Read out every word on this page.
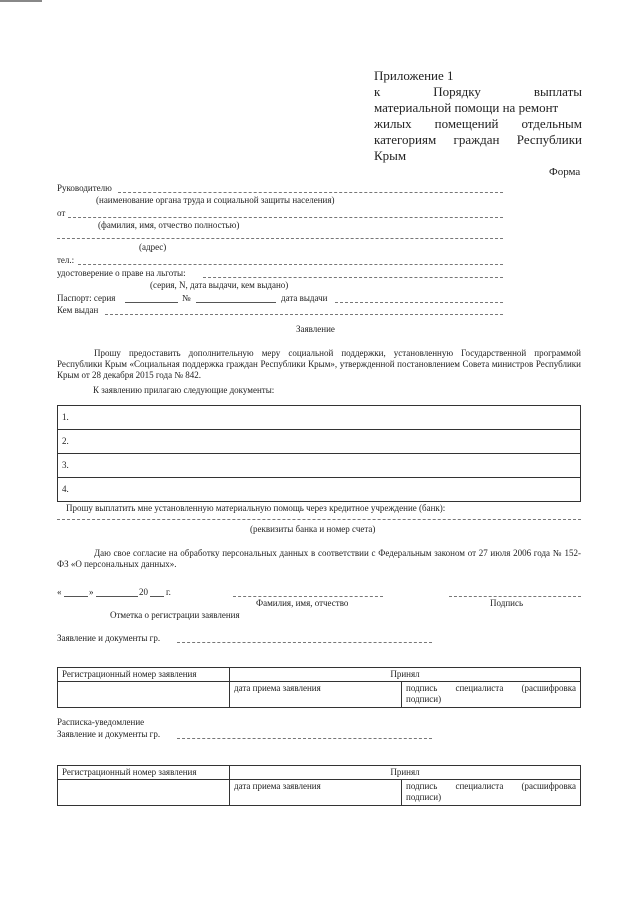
Приложение 1
к	Порядку	выплаты
материальной помощи на ремонт
жилых помещений отдельным
категориям граждан Республики
Крым
Форма
Руководителю
(наименование органа труда и социальной защиты населения)
от
(фамилия, имя, отчество полностью)
(адрес)
тел.:
удостоверение о праве на льготы:
(серия, N, дата выдачи, кем выдано)
Паспорт: серия	№	дата выдачи
Кем выдан
Заявление
Прошу предоставить дополнительную меру социальной поддержки, установленную Государственной программой Республики Крым «Социальная поддержка граждан Республики Крым», утвержденной постановлением Совета министров Республики Крым от 28 декабря 2015 года № 842.
К заявлению прилагаю следующие документы:
1.
2.
3.
4.
Прошу выплатить мне установленную материальную помощь через кредитное учреждение (банк):
(реквизиты банка и номер счета)
Даю свое согласие на обработку персональных данных в соответствии с Федеральным законом от 27 июля 2006 года № 152-ФЗ «О персональных данных».
«	»	20 г.
Фамилия, имя, отчество	Подпись
Отметка о регистрации заявления
Заявление и документы гр.
Регистрационный номер заявления	Принял	
	дата приема заявления	подпись специалиста (расшифровка подписи)
Расписка-уведомление
Заявление и документы гр.
Регистрационный номер заявления	Принял	
	дата приема заявления	подпись специалиста (расшифровка подписи)
